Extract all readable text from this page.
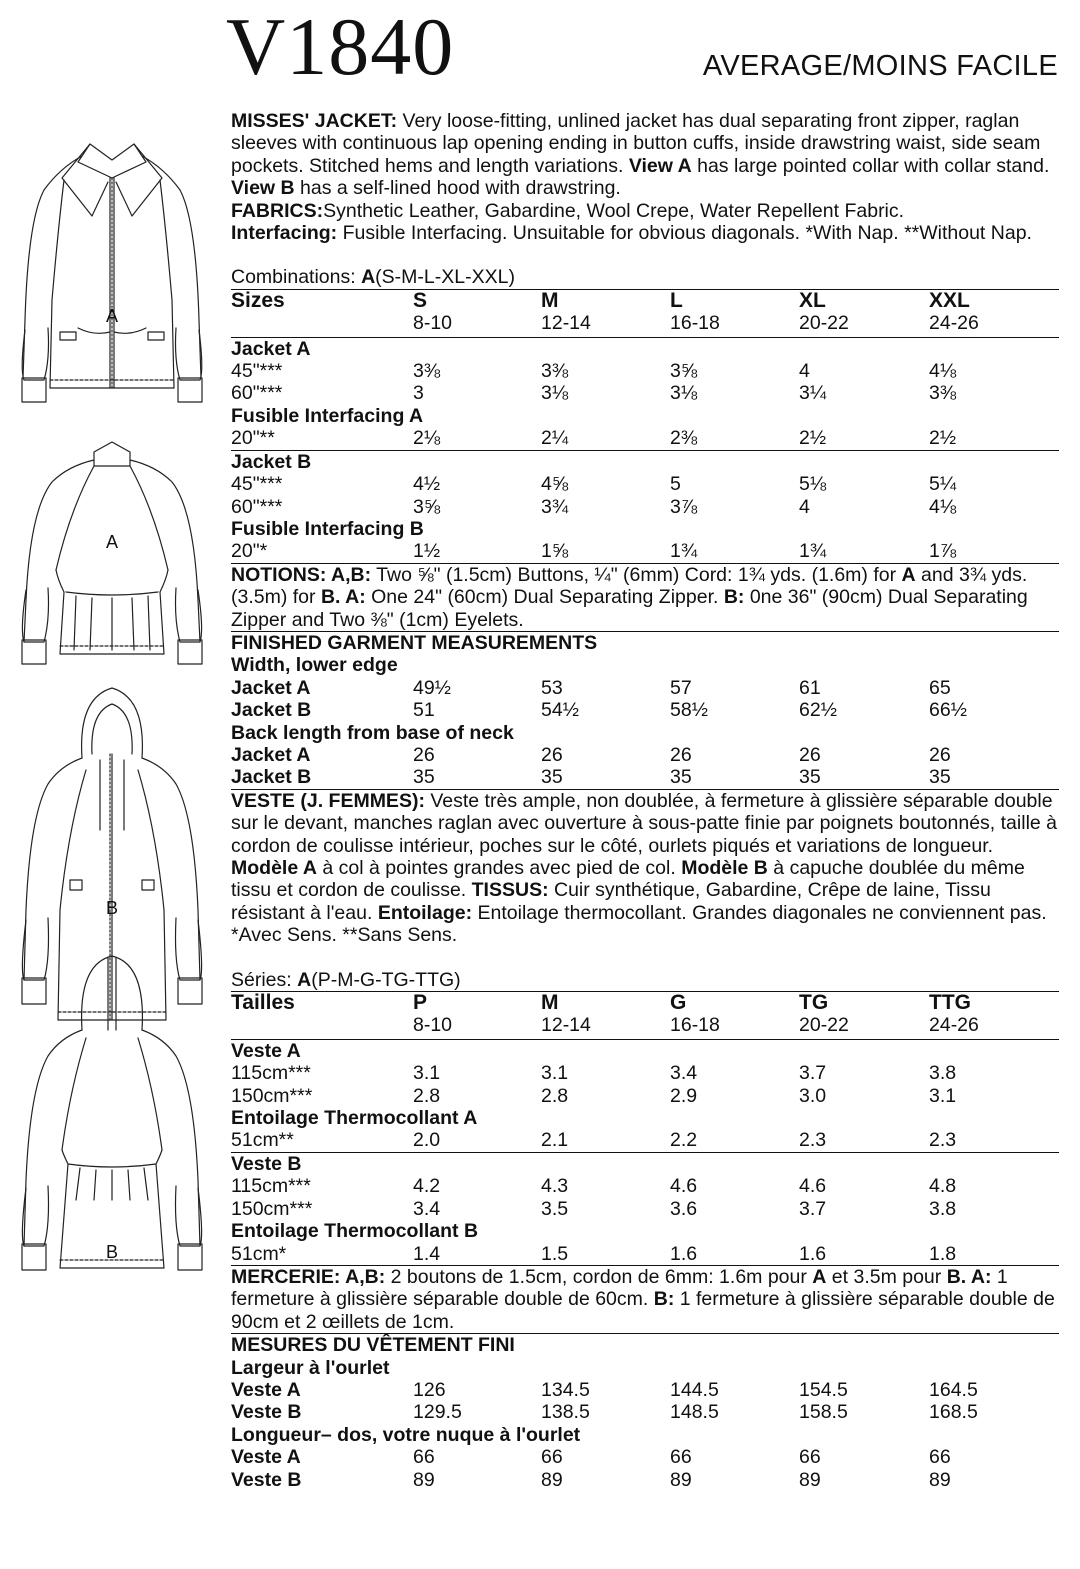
V1840	AVERAGE/MOINS FACILE
A
A
B
B

MISSES' JACKET: Very loose-fitting, unlined jacket has dual separating front zipper, raglan sleeves with continuous lap opening ending in button cuffs, inside drawstring waist, side seam pockets. Stitched hems and length variations. View A has large pointed collar with collar stand. View B has a self-lined hood with drawstring.
FABRICS:Synthetic Leather, Gabardine, Wool Crepe, Water Repellent Fabric.
Interfacing: Fusible Interfacing. Unsuitable for obvious diagonals. *With Nap. **Without Nap.

Combinations: A(S-M-L-XL-XXL)
Sizes	S	M	L	XL	XXL
	8-10	12-14	16-18	20-22	24-26
Jacket A					
45"***	3⅜	3⅜	3⅝	4	4⅛
60"***	3	3⅛	3⅛	3¼	3⅜
Fusible Interfacing A					
20"**	2⅛	2¼	2⅜	2½	2½
Jacket B					
45"***	4½	4⅝	5	5⅛	5¼
60"***	3⅝	3¾	3⅞	4	4⅛
Fusible Interfacing B					
20"*	1½	1⅝	1¾	1¾	1⅞

NOTIONS: A,B: Two ⅝" (1.5cm) Buttons, ¼" (6mm) Cord: 1¾ yds. (1.6m) for A and 3¾ yds. (3.5m) for B. A: One 24" (60cm) Dual Separating Zipper. B: 0ne 36" (90cm) Dual Separating Zipper and Two ⅜" (1cm) Eyelets.

FINISHED GARMENT MEASUREMENTS					
Width, lower edge					
Jacket A	49½	53	57	61	65
Jacket B	51	54½	58½	62½	66½
Back length from base of neck					
Jacket A	26	26	26	26	26
Jacket B	35	35	35	35	35

VESTE (J. FEMMES): Veste très ample, non doublée, à fermeture à glissière séparable double sur le devant, manches raglan avec ouverture à sous-patte finie par poignets boutonnés, taille à cordon de coulisse intérieur, poches sur le côté, ourlets piqués et variations de longueur. Modèle A à col à pointes grandes avec pied de col. Modèle B à capuche doublée du même tissu et cordon de coulisse. TISSUS: Cuir synthétique, Gabardine, Crêpe de laine, Tissu résistant à l'eau. Entoilage: Entoilage thermocollant. Grandes diagonales ne conviennent pas. *Avec Sens. **Sans Sens.

Séries: A(P-M-G-TG-TTG)
Tailles	P	M	G	TG	TTG
	8-10	12-14	16-18	20-22	24-26
Veste A					
115cm***	3.1	3.1	3.4	3.7	3.8
150cm***	2.8	2.8	2.9	3.0	3.1
Entoilage Thermocollant A					
51cm**	2.0	2.1	2.2	2.3	2.3
Veste B					
115cm***	4.2	4.3	4.6	4.6	4.8
150cm***	3.4	3.5	3.6	3.7	3.8
Entoilage Thermocollant B					
51cm*	1.4	1.5	1.6	1.6	1.8

MERCERIE: A,B: 2 boutons de 1.5cm, cordon de 6mm: 1.6m pour A et 3.5m pour B. A: 1 fermeture à glissière séparable double de 60cm. B: 1 fermeture à glissière séparable double de 90cm et 2 œillets de 1cm.

MESURES DU VÊTEMENT FINI					
Largeur à l'ourlet					
Veste A	126	134.5	144.5	154.5	164.5
Veste B	129.5	138.5	148.5	158.5	168.5
Longueur– dos, votre nuque à l'ourlet					
Veste A	66	66	66	66	66
Veste B	89	89	89	89	89
